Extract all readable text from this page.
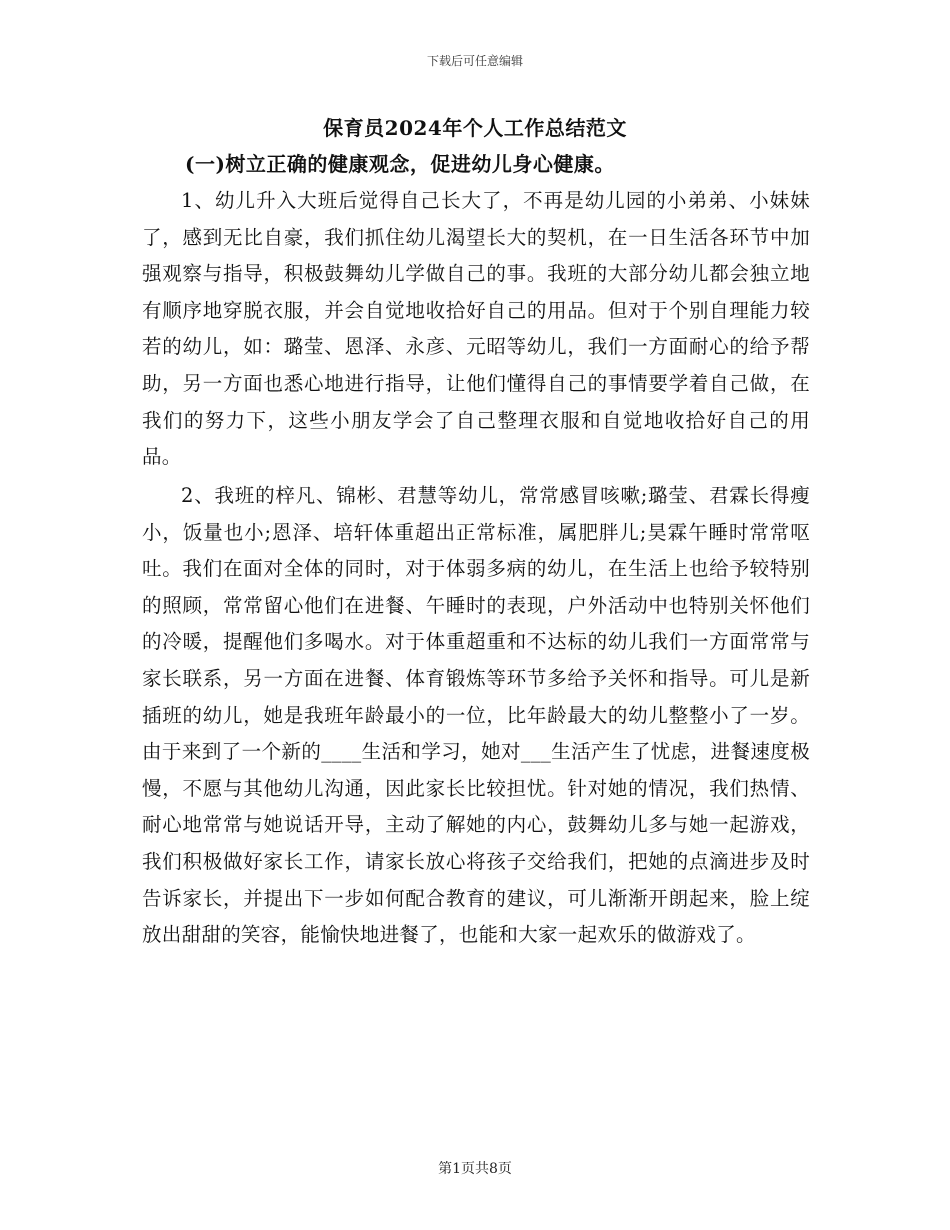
下载后可任意编辑
保育员2024年个人工作总结范文
(一)树立正确的健康观念，促进幼儿身心健康。

1、幼儿升入大班后觉得自己长大了，不再是幼儿园的小弟弟、小妹妹了，感到无比自豪，我们抓住幼儿渴望长大的契机，在一日生活各环节中加强观察与指导，积极鼓舞幼儿学做自己的事。我班的大部分幼儿都会独立地有顺序地穿脱衣服，并会自觉地收拾好自己的用品。但对于个别自理能力较若的幼儿，如：璐莹、恩泽、永彦、元昭等幼儿，我们一方面耐心的给予帮助，另一方面也悉心地进行指导，让他们懂得自己的事情要学着自己做，在我们的努力下，这些小朋友学会了自己整理衣服和自觉地收拾好自己的用品。

2、我班的梓凡、锦彬、君慧等幼儿，常常感冒咳嗽;璐莹、君霖长得瘦小，饭量也小;恩泽、培轩体重超出正常标准，属肥胖儿;昊霖午睡时常常呕吐。我们在面对全体的同时，对于体弱多病的幼儿，在生活上也给予较特别的照顾，常常留心他们在进餐、午睡时的表现，户外活动中也特别关怀他们的冷暖，提醒他们多喝水。对于体重超重和不达标的幼儿我们一方面常常与家长联系，另一方面在进餐、体育锻炼等环节多给予关怀和指导。可儿是新插班的幼儿，她是我班年龄最小的一位，比年龄最大的幼儿整整小了一岁。由于来到了一个新的____生活和学习，她对___生活产生了忧虑，进餐速度极慢，不愿与其他幼儿沟通，因此家长比较担忧。针对她的情况，我们热情、耐心地常常与她说话开导，主动了解她的内心，鼓舞幼儿多与她一起游戏，我们积极做好家长工作，请家长放心将孩子交给我们，把她的点滴进步及时告诉家长，并提出下一步如何配合教育的建议，可儿渐渐开朗起来，脸上绽放出甜甜的笑容，能愉快地进餐了，也能和大家一起欢乐的做游戏了。

第1页共8页
